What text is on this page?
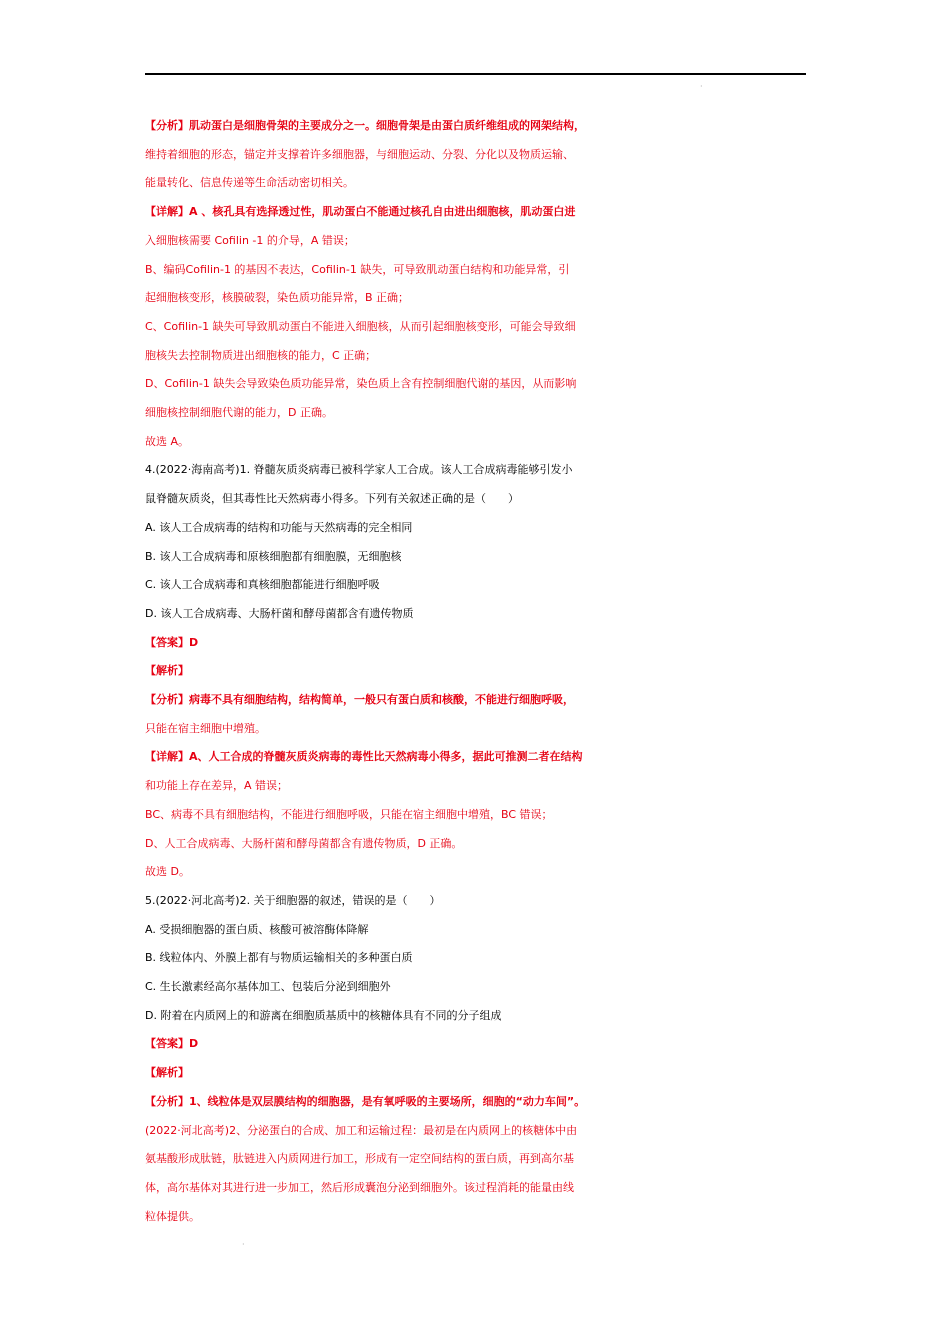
·
·
【分析】肌动蛋白是细胞骨架的主要成分之一。细胞骨架是由蛋白质纤维组成的网架结构，
维持着细胞的形态，锚定并支撑着许多细胞器，与细胞运动、分裂、分化以及物质运输、
能量转化、信息传递等生命活动密切相关。
【详解】A 、核孔具有选择透过性，肌动蛋白不能通过核孔自由进出细胞核，肌动蛋白进
入细胞核需要 Cofilin -1 的介导，A 错误；
B、编码Cofilin-1 的基因不表达，Cofilin-1 缺失，可导致肌动蛋白结构和功能异常，引
起细胞核变形，核膜破裂，染色质功能异常，B 正确；
C、Cofilin-1 缺失可导致肌动蛋白不能进入细胞核，从而引起细胞核变形，可能会导致细
胞核失去控制物质进出细胞核的能力，C 正确；
D、Cofilin-1 缺失会导致染色质功能异常，染色质上含有控制细胞代谢的基因，从而影响
细胞核控制细胞代谢的能力，D 正确。
故选 A。
4.(2022·海南高考)1. 脊髓灰质炎病毒已被科学家人工合成。该人工合成病毒能够引发小
鼠脊髓灰质炎，但其毒性比天然病毒小得多。下列有关叙述正确的是（　　）
A. 该人工合成病毒的结构和功能与天然病毒的完全相同
B. 该人工合成病毒和原核细胞都有细胞膜，无细胞核
C. 该人工合成病毒和真核细胞都能进行细胞呼吸
D. 该人工合成病毒、大肠杆菌和酵母菌都含有遗传物质
【答案】D
【解析】
【分析】病毒不具有细胞结构，结构简单，一般只有蛋白质和核酸，不能进行细胞呼吸，
只能在宿主细胞中增殖。
【详解】A、人工合成的脊髓灰质炎病毒的毒性比天然病毒小得多，据此可推测二者在结构
和功能上存在差异，A 错误；
BC、病毒不具有细胞结构，不能进行细胞呼吸，只能在宿主细胞中增殖，BC 错误；
D、人工合成病毒、大肠杆菌和酵母菌都含有遗传物质，D 正确。
故选 D。
5.(2022·河北高考)2. 关于细胞器的叙述，错误的是（　　）
A. 受损细胞器的蛋白质、核酸可被溶酶体降解
B. 线粒体内、外膜上都有与物质运输相关的多种蛋白质
C. 生长激素经高尔基体加工、包装后分泌到细胞外
D. 附着在内质网上的和游离在细胞质基质中的核糖体具有不同的分子组成
【答案】D
【解析】
【分析】1、线粒体是双层膜结构的细胞器，是有氧呼吸的主要场所，细胞的“动力车间”。
(2022·河北高考)2、分泌蛋白的合成、加工和运输过程：最初是在内质网上的核糖体中由
氨基酸形成肽链，肽链进入内质网进行加工，形成有一定空间结构的蛋白质，再到高尔基
体，高尔基体对其进行进一步加工，然后形成囊泡分泌到细胞外。该过程消耗的能量由线
粒体提供。
